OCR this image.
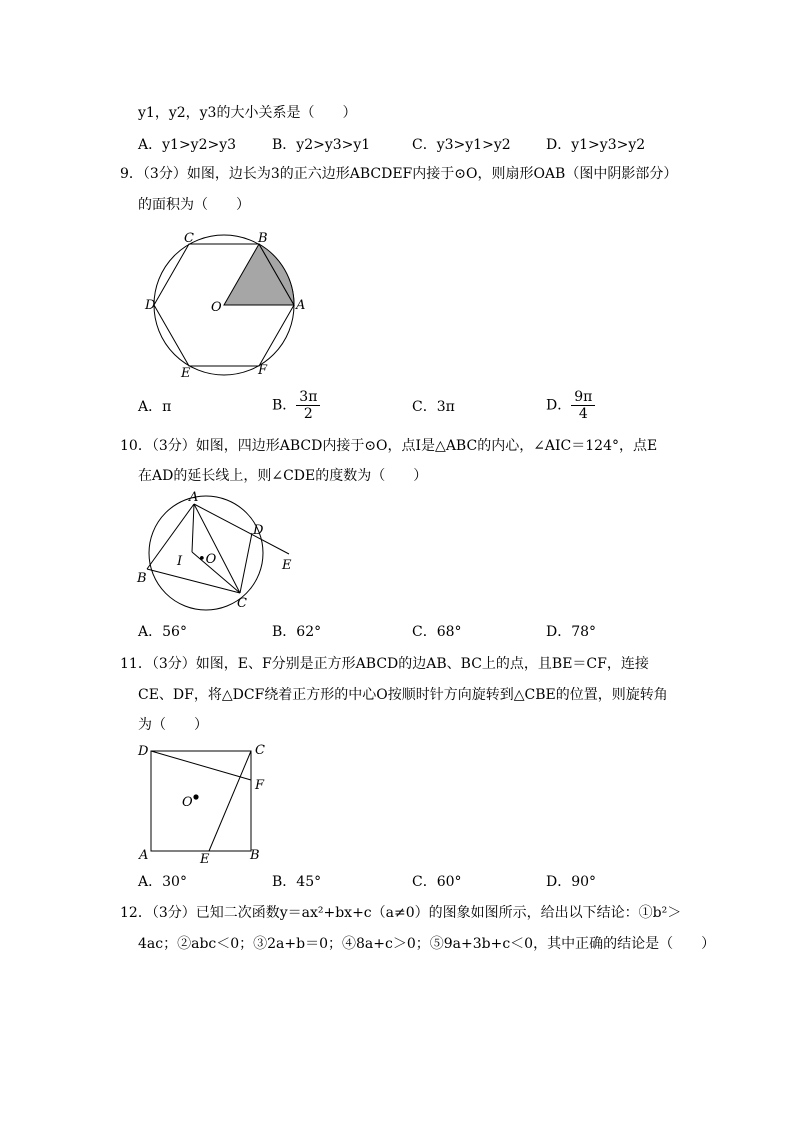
y1，y2，y3的大小关系是（　　）
A．y1>y2>y3	B．y2>y3>y1	C．y3>y1>y2	D．y1>y3>y2
9．（3分）如图，边长为3的正六边形ABCDEF内接于⊙O，则扇形OAB（图中阴影部分）
的面积为（　　）
C	B
D	O	A
E	F
A．π	B． $\frac{3\pi}{2}$	C．3π	D． $\frac{9\pi}{4}$
10．（3分）如图，四边形ABCD内接于⊙O，点I是△ABC的内心，∠AIC＝124°，点E
在AD的延长线上，则∠CDE的度数为（　　）
A
D
I •O	E
B
C
A．56°	B．62°	C．68°	D．78°
11．（3分）如图，E、F分别是正方形ABCD的边AB、BC上的点，且BE＝CF，连接
CE、DF，将△DCF绕着正方形的中心O按顺时针方向旋转到△CBE的位置，则旋转角
为（　　）
D	C
F
O
A	E	B
A．30°	B．45°	C．60°	D．90°
12．（3分）已知二次函数y＝ax²+bx+c（a≠0）的图象如图所示，给出以下结论：①b²＞
4ac；②abc＜0；③2a+b＝0；④8a+c＞0；⑤9a+3b+c＜0，其中正确的结论是（　　）
